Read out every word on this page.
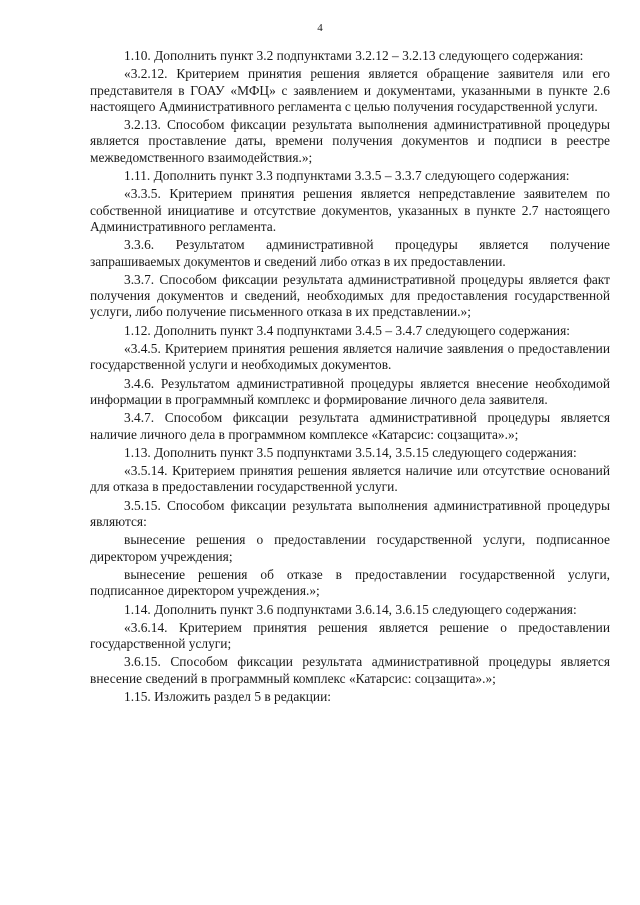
4

1.10. Дополнить пункт 3.2 подпунктами 3.2.12 – 3.2.13 следующего содержания:

«3.2.12. Критерием принятия решения является обращение заявителя или его представителя в ГОАУ «МФЦ» с заявлением и документами, указанными в пункте 2.6 настоящего Административного регламента с целью получения государственной услуги.

3.2.13. Способом фиксации результата выполнения административной процедуры является проставление даты, времени получения документов и подписи в реестре межведомственного взаимодействия.»;

1.11. Дополнить пункт 3.3 подпунктами 3.3.5 – 3.3.7 следующего содержания:

«3.3.5. Критерием принятия решения является непредставление заявителем по собственной инициативе и отсутствие документов, указанных в пункте 2.7 настоящего Административного регламента.

3.3.6. Результатом административной процедуры является получение запрашиваемых документов и сведений либо отказ в их предоставлении.

3.3.7. Способом фиксации результата административной процедуры является факт получения документов и сведений, необходимых для предоставления государственной услуги, либо получение письменного отказа в их представлении.»;

1.12. Дополнить пункт 3.4 подпунктами 3.4.5 – 3.4.7 следующего содержания:

«3.4.5. Критерием принятия решения является наличие заявления о предоставлении государственной услуги и необходимых документов.

3.4.6. Результатом административной процедуры является внесение необходимой информации в программный комплекс и формирование личного дела заявителя.

3.4.7. Способом фиксации результата административной процедуры является наличие личного дела в программном комплексе «Катарсис: соцзащита».»;

1.13. Дополнить пункт 3.5 подпунктами 3.5.14, 3.5.15 следующего содержания:

«3.5.14. Критерием принятия решения является наличие или отсутствие оснований для отказа в предоставлении государственной услуги.

3.5.15. Способом фиксации результата выполнения административной процедуры являются:

вынесение решения о предоставлении государственной услуги, подписанное директором учреждения;

вынесение решения об отказе в предоставлении государственной услуги, подписанное директором учреждения.»;

1.14. Дополнить пункт 3.6 подпунктами 3.6.14, 3.6.15 следующего содержания:

«3.6.14. Критерием принятия решения является решение о предоставлении государственной услуги;

3.6.15. Способом фиксации результата административной процедуры является внесение сведений в программный комплекс «Катарсис: соцзащита».»;

1.15. Изложить раздел 5 в редакции:
